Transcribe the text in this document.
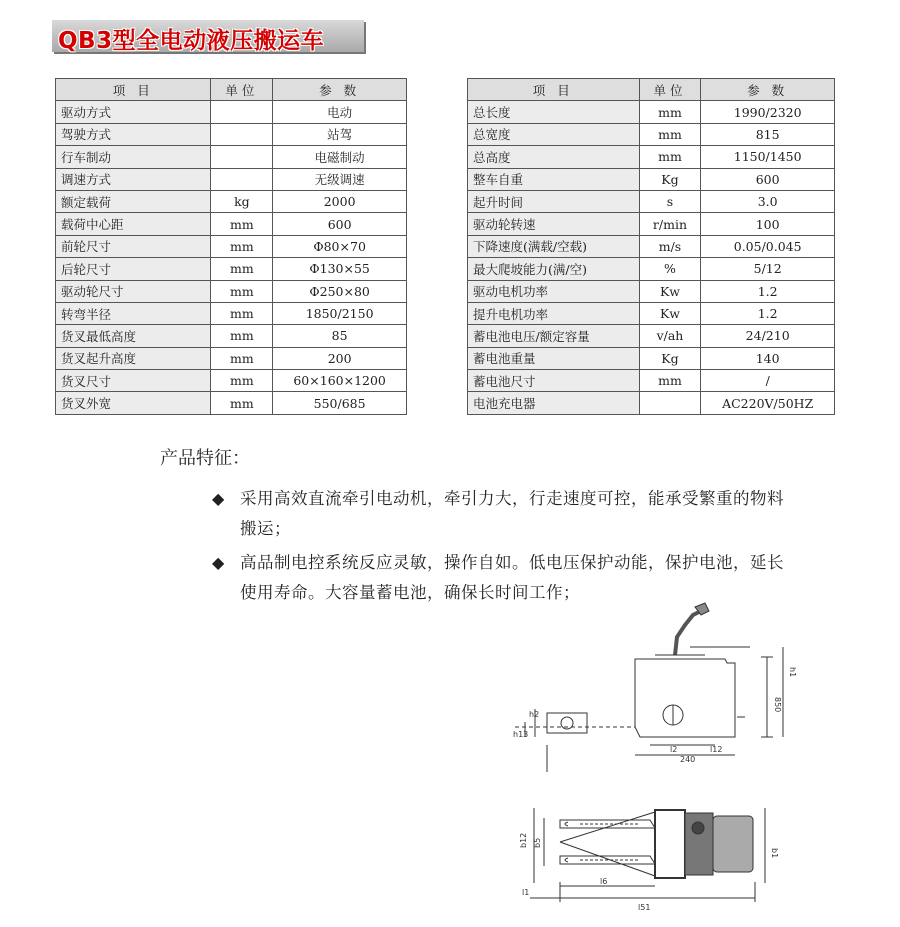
QB3型全电动液压搬运车
项 目	单位	参 数
驱动方式		电动
驾驶方式		站驾
行车制动		电磁制动
调速方式		无级调速
额定载荷	kg	2000
载荷中心距	mm	600
前轮尺寸	mm	Φ80×70
后轮尺寸	mm	Φ130×55
驱动轮尺寸	mm	Φ250×80
转弯半径	mm	1850/2150
货叉最低高度	mm	85
货叉起升高度	mm	200
货叉尺寸	mm	60×160×1200
货叉外宽	mm	550/685
项 目	单位	参 数
总长度	mm	1990/2320
总宽度	mm	815
总高度	mm	1150/1450
整车自重	Kg	600
起升时间	s	3.0
驱动轮转速	r/min	100
下降速度(满载/空载)	m/s	0.05/0.045
最大爬坡能力(满/空)	%	5/12
驱动电机功率	Kw	1.2
提升电机功率	Kw	1.2
蓄电池电压/额定容量	v/ah	24/210
蓄电池重量	Kg	140
蓄电池尺寸	mm	/
电池充电器		AC220V/50HZ
产品特征：
◆ 采用高效直流牵引电动机，牵引力大，行走速度可控，能承受繁重的物料
搬运；
◆ 高品制电控系统反应灵敏，操作自如。低电压保护动能，保护电池，延长
使用寿命。大容量蓄电池，确保长时间工作；
850
h1
l2
240
l12
h2
h13
b12 b5
b1
l1
l6
l51
